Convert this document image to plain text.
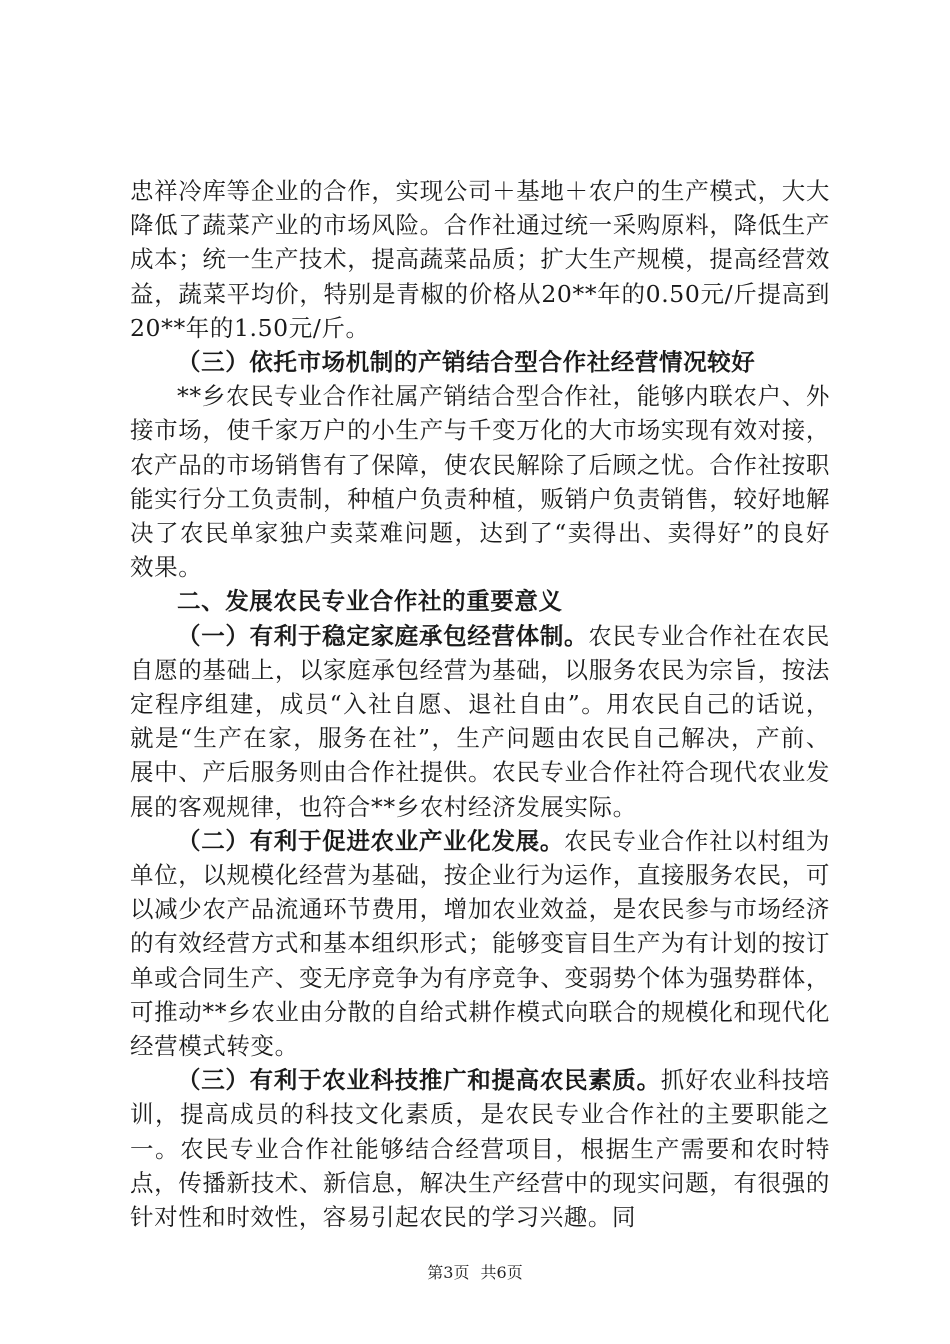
忠祥冷库等企业的合作，实现公司＋基地＋农户的生产模式，大大降低了蔬菜产业的市场风险。合作社通过统一采购原料，降低生产成本；统一生产技术，提高蔬菜品质；扩大生产规模，提高经营效益，蔬菜平均价，特别是青椒的价格从20**年的0.50元/斤提高到20**年的1.50元/斤。

（三）依托市场机制的产销结合型合作社经营情况较好

**乡农民专业合作社属产销结合型合作社，能够内联农户、外接市场，使千家万户的小生产与千变万化的大市场实现有效对接，农产品的市场销售有了保障，使农民解除了后顾之忧。合作社按职能实行分工负责制，种植户负责种植，贩销户负责销售，较好地解决了农民单家独户卖菜难问题，达到了“卖得出、卖得好”的良好效果。

二、发展农民专业合作社的重要意义

（一）有利于稳定家庭承包经营体制。农民专业合作社在农民自愿的基础上，以家庭承包经营为基础，以服务农民为宗旨，按法定程序组建，成员“入社自愿、退社自由”。用农民自己的话说，就是“生产在家，服务在社”，生产问题由农民自己解决，产前、展中、产后服务则由合作社提供。农民专业合作社符合现代农业发展的客观规律，也符合**乡农村经济发展实际。

（二）有利于促进农业产业化发展。农民专业合作社以村组为单位，以规模化经营为基础，按企业行为运作，直接服务农民，可以减少农产品流通环节费用，增加农业效益，是农民参与市场经济的有效经营方式和基本组织形式；能够变盲目生产为有计划的按订单或合同生产、变无序竞争为有序竞争、变弱势个体为强势群体，可推动**乡农业由分散的自给式耕作模式向联合的规模化和现代化经营模式转变。

（三）有利于农业科技推广和提高农民素质。抓好农业科技培训，提高成员的科技文化素质，是农民专业合作社的主要职能之一。农民专业合作社能够结合经营项目，根据生产需要和农时特点，传播新技术、新信息，解决生产经营中的现实问题，有很强的针对性和时效性，容易引起农民的学习兴趣。同

第3页 共6页
